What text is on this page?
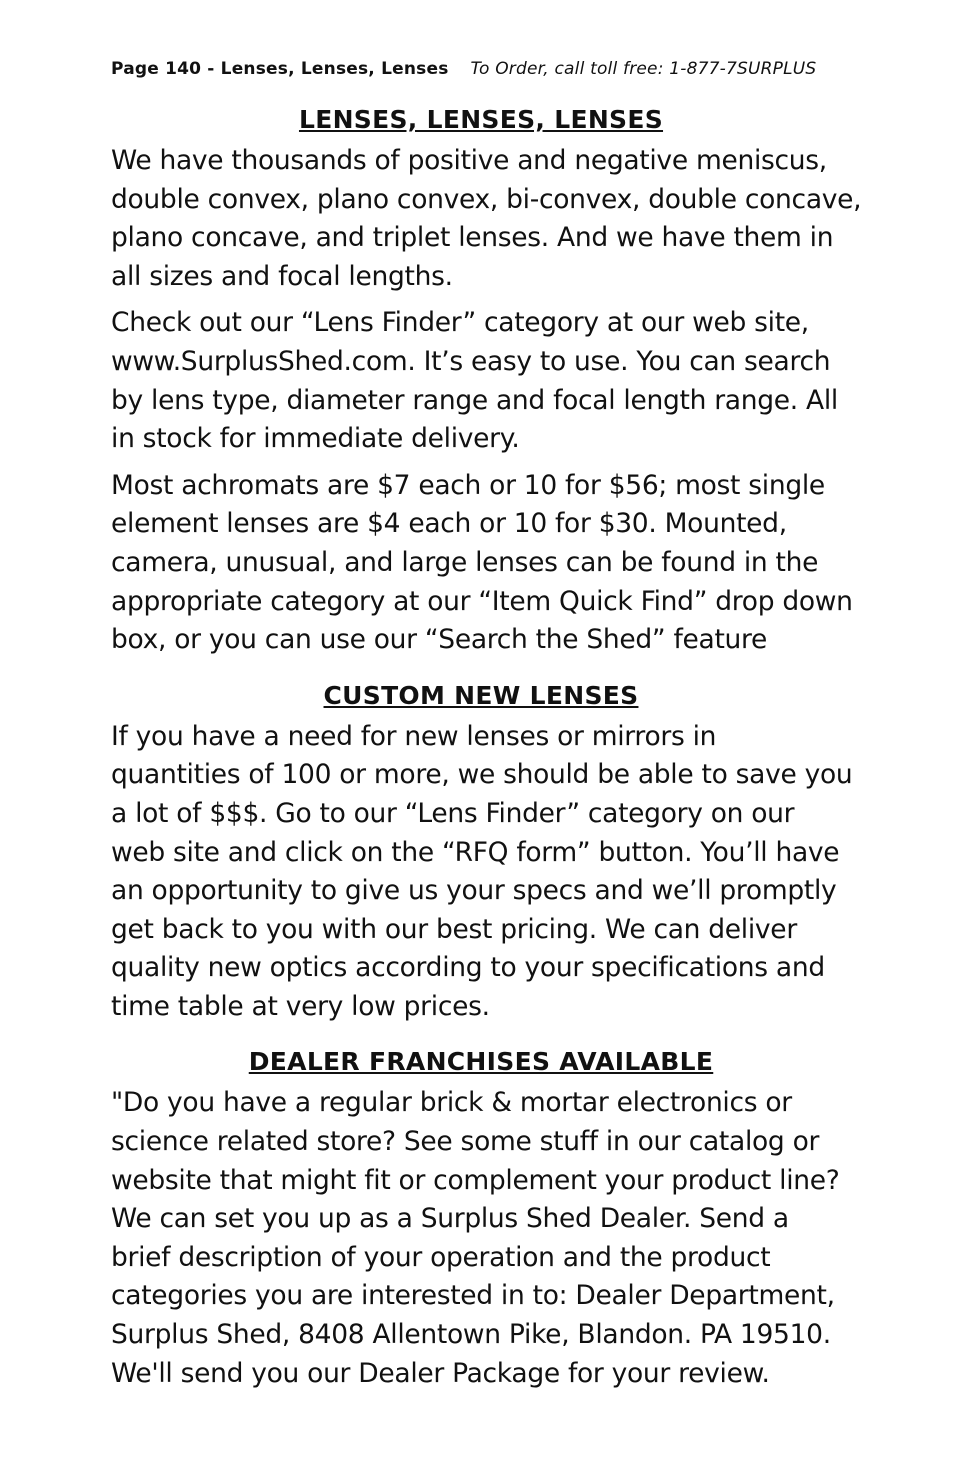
Page 140 - Lenses, Lenses, Lenses To Order, call toll free: 1-877-7SURPLUS
LENSES, LENSES, LENSES
We have thousands of positive and negative meniscus,
double convex, plano convex, bi-convex, double concave,
plano concave, and triplet lenses. And we have them in
all sizes and focal lengths.
Check out our “Lens Finder” category at our web site,
www.SurplusShed.com. It’s easy to use. You can search
by lens type, diameter range and focal length range. All
in stock for immediate delivery.
Most achromats are $7 each or 10 for $56; most single
element lenses are $4 each or 10 for $30. Mounted,
camera, unusual, and large lenses can be found in the
appropriate category at our “Item Quick Find” drop down
box, or you can use our “Search the Shed” feature
CUSTOM NEW LENSES
If you have a need for new lenses or mirrors in
quantities of 100 or more, we should be able to save you
a lot of $$$. Go to our “Lens Finder” category on our
web site and click on the “RFQ form” button. You’ll have
an opportunity to give us your specs and we’ll promptly
get back to you with our best pricing. We can deliver
quality new optics according to your specifications and
time table at very low prices.
DEALER FRANCHISES AVAILABLE
"Do you have a regular brick & mortar electronics or
science related store? See some stuff in our catalog or
website that might fit or complement your product line?
We can set you up as a Surplus Shed Dealer. Send a
brief description of your operation and the product
categories you are interested in to: Dealer Department,
Surplus Shed, 8408 Allentown Pike, Blandon. PA 19510.
We'll send you our Dealer Package for your review.
